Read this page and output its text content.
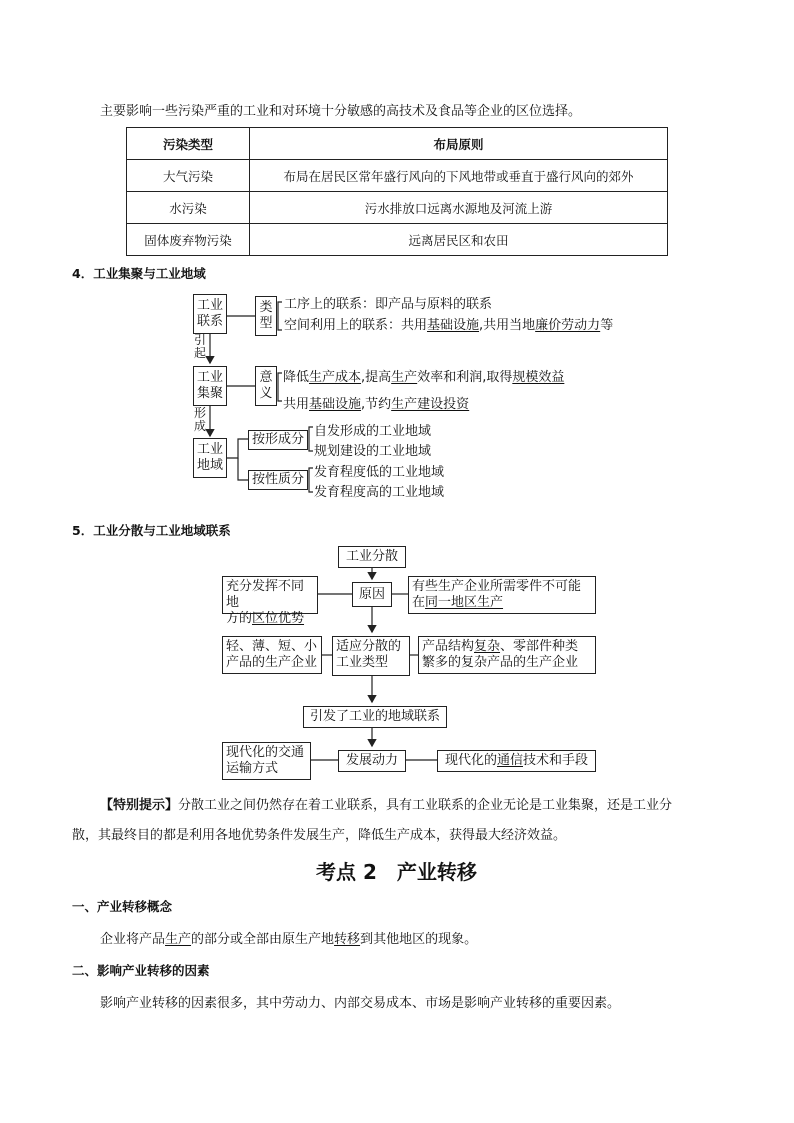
主要影响一些污染严重的工业和对环境十分敏感的高技术及食品等企业的区位选择。
污染类型	布局原则
大气污染	布局在居民区常年盛行风向的下风地带或垂直于盛行风向的郊外
水污染	污水排放口远离水源地及河流上游
固体废弃物污染	远离居民区和农田
4．工业集聚与工业地域
工业
联系
类
型
工序上的联系：即产品与原料的联系
空间利用上的联系：共用基础设施,共用当地廉价劳动力等
引
起
工业
集聚
意
义
降低生产成本,提高生产效率和利润,取得规模效益
共用基础设施,节约生产建设投资
形
成
工业
地域
按形成分
自发形成的工业地域
规划建设的工业地域
按性质分 发育程度低的工业地域
发育程度高的工业地域
5．工业分散与工业地域联系
工业分散
充分发挥不同地
方的区位优势
原因	有些生产企业所需零件不可能
在同一地区生产
轻、薄、短、小
产品的生产企业
适应分散的
工业类型
产品结构复杂、零部件种类
繁多的复杂产品的生产企业
引发了工业的地域联系
现代化的交通
运输方式
发展动力	现代化的 通信 技术和手段
【特别提示】分散工业之间仍然存在着工业联系，具有工业联系的企业无论是工业集聚，还是工业分
散，其最终目的都是利用各地优势条件发展生产，降低生产成本，获得最大经济效益。
考点 2　产业转移
一、产业转移概念
企业将产品生产的部分或全部由原生产地转移到其他地区的现象。
二、影响产业转移的因素
影响产业转移的因素很多，其中劳动力、内部交易成本、市场是影响产业转移的重要因素。
